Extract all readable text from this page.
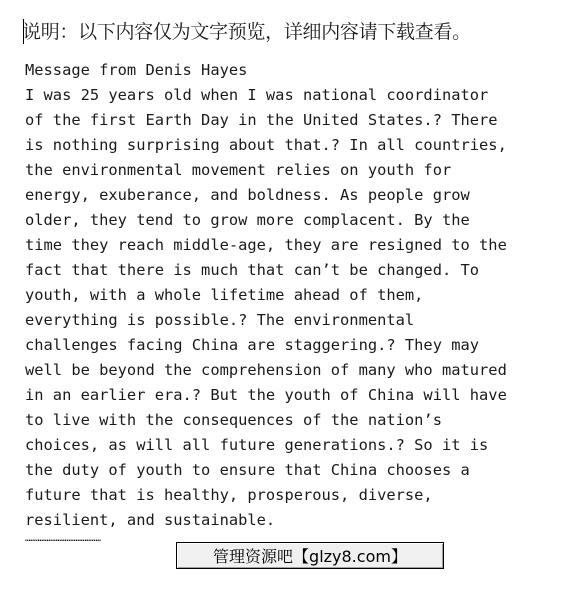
说明：以下内容仅为文字预览，详细内容请下载查看。
Message from Denis Hayes
I was 25 years old when I was national coordinator
of the first Earth Day in the United States.? There
is nothing surprising about that.? In all countries,
the environmental movement relies on youth for
energy, exuberance, and boldness. As people grow
older, they tend to grow more complacent. By the
time they reach middle-age, they are resigned to the
fact that there is much that can’t be changed. To
youth, with a whole lifetime ahead of them,
everything is possible.? The environmental
challenges facing China are staggering.? They may
well be beyond the comprehension of many who matured
in an earlier era.? But the youth of China will have
to live with the consequences of the nation’s
choices, as will all future generations.? So it is
the duty of youth to ensure that China chooses a
future that is healthy, prosperous, diverse,
resilient, and sustainable.
……………………………………
管理资源吧【glzy8.com】
